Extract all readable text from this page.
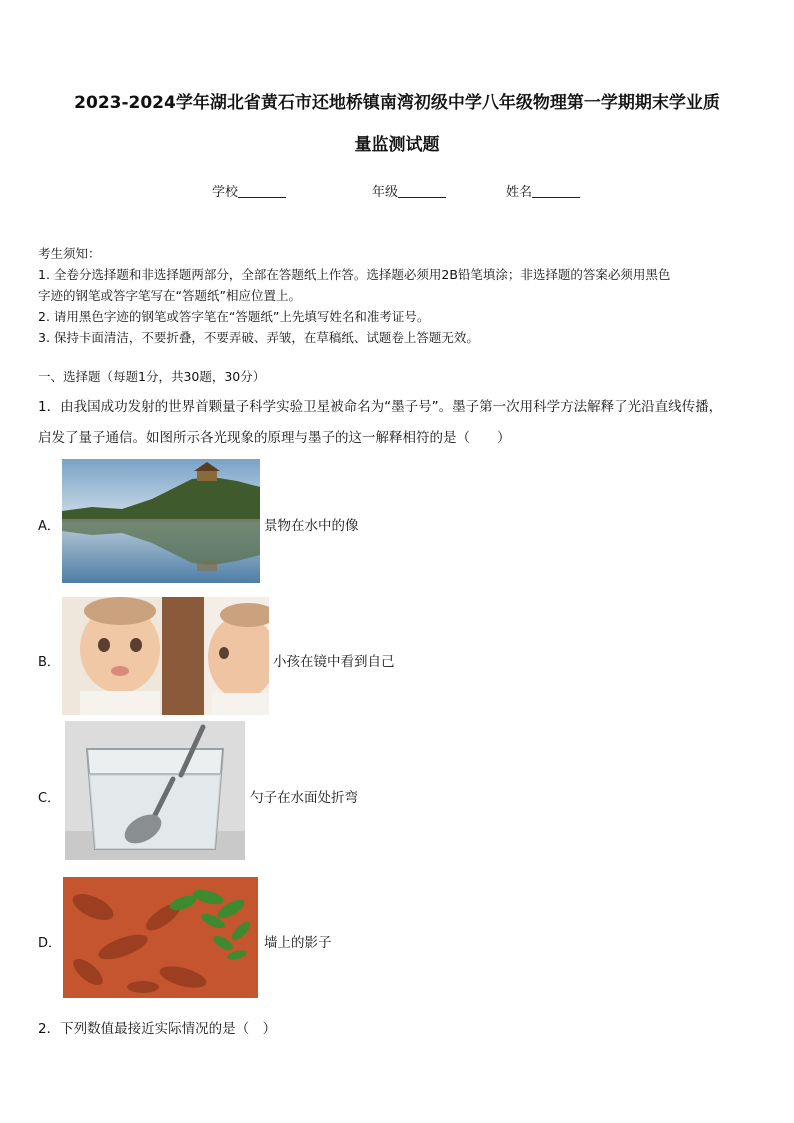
2023-2024学年湖北省黄石市还地桥镇南湾初级中学八年级物理第一学期期末学业质
量监测试题
学校	年级	姓名
考生须知：
1. 全卷分选择题和非选择题两部分，全部在答题纸上作答。选择题必须用2B铅笔填涂；非选择题的答案必须用黑色
字迹的钢笔或答字笔写在“答题纸”相应位置上。
2. 请用黑色字迹的钢笔或答字笔在“答题纸”上先填写姓名和准考证号。
3. 保持卡面清洁，不要折叠，不要弄破、弄皱，在草稿纸、试题卷上答题无效。
一、选择题（每题1分，共30题，30分）
1．由我国成功发射的世界首颗量子科学实验卫星被命名为“墨子号”。墨子第一次用科学方法解释了光沿直线传播，
启发了量子通信。如图所示各光现象的原理与墨子的这一解释相符的是（　　）
A．	景物在水中的像
B．	小孩在镜中看到自己
C．	勺子在水面处折弯
D．	墙上的影子
2．下列数值最接近实际情况的是（　）
